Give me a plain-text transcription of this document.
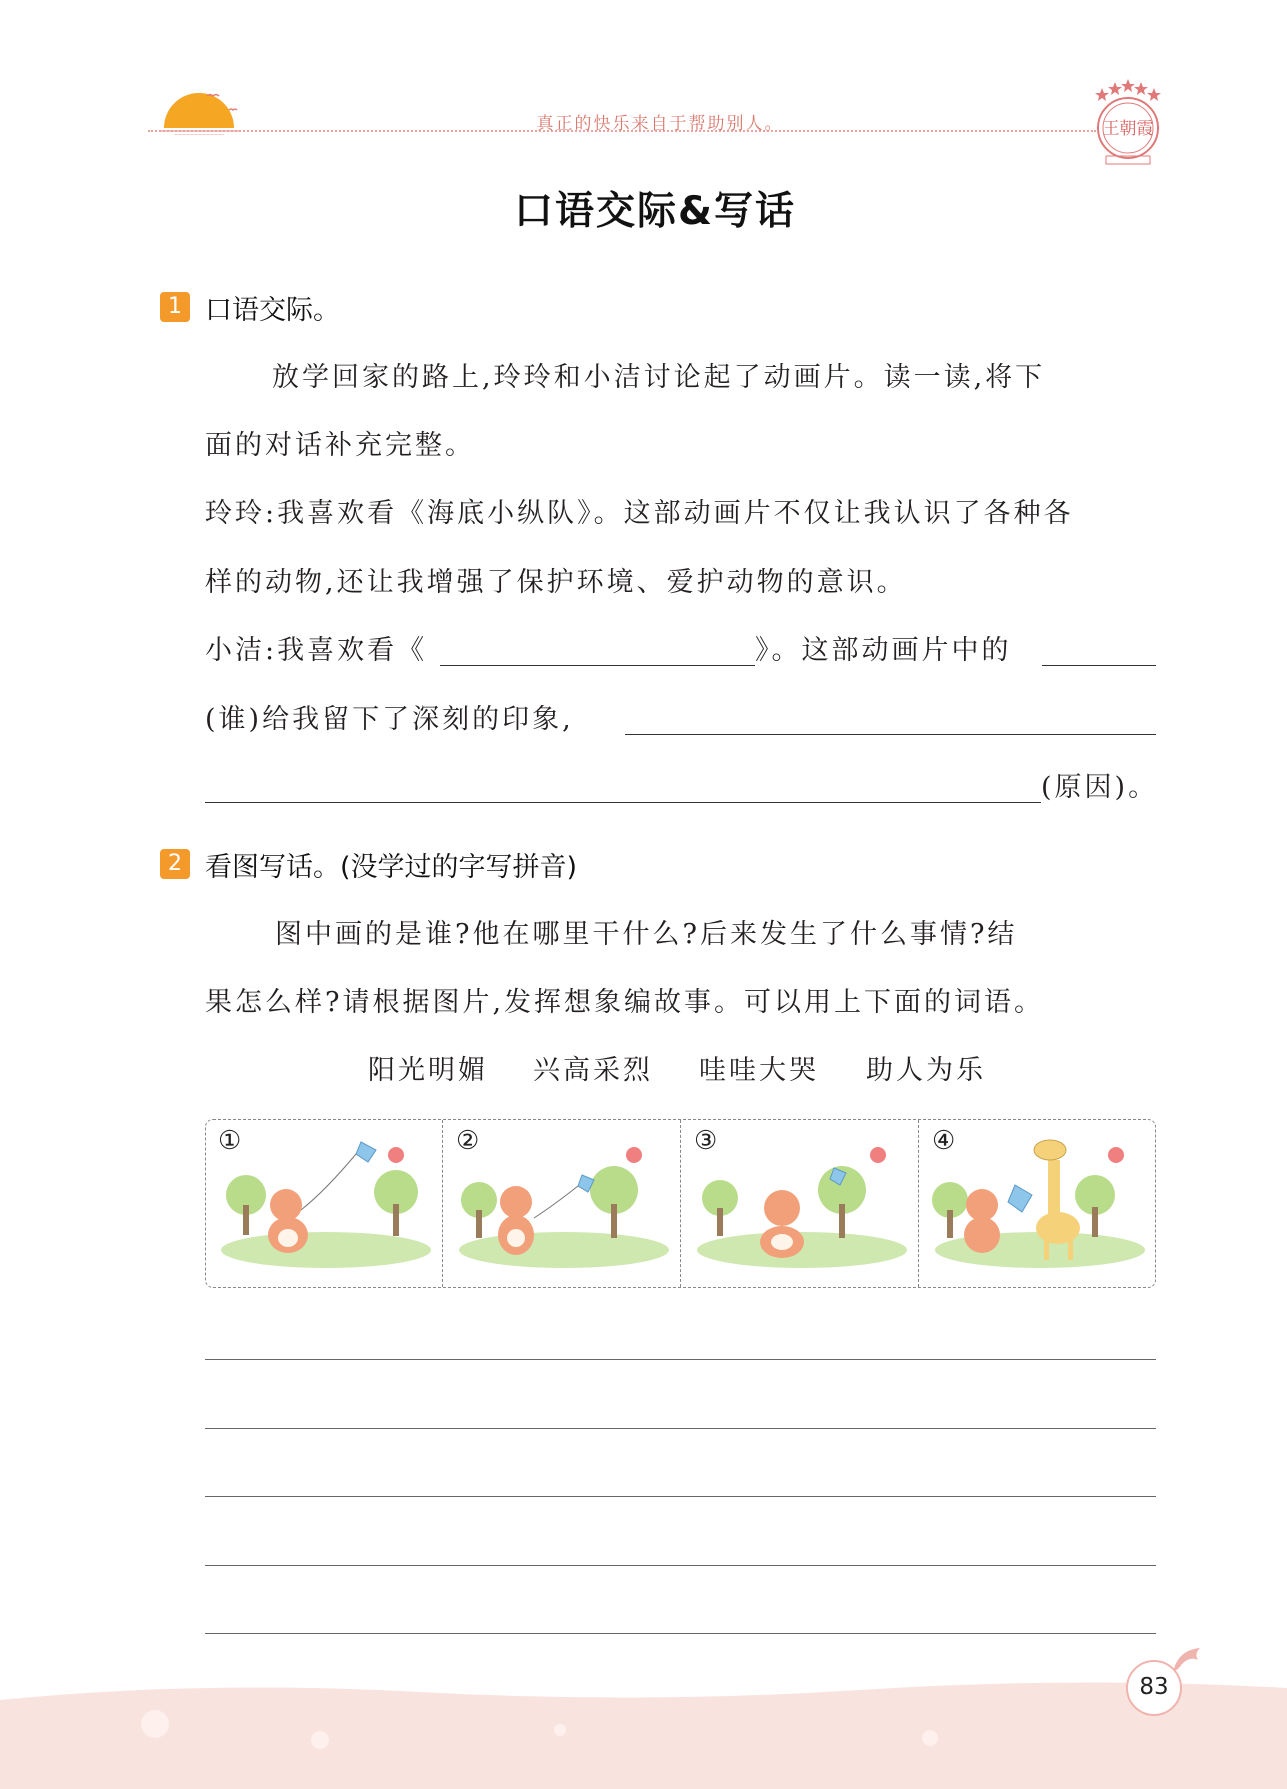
真正的快乐来自于帮助别人。	王朝霞
口语交际&写话
1 口语交际。
放学回家的路上,玲玲和小洁讨论起了动画片。读一读,将下
面的对话补充完整。
玲玲:我喜欢看《海底小纵队》。这部动画片不仅让我认识了各种各
样的动物,还让我增强了保护环境、爱护动物的意识。
小洁:我喜欢看《	》。这部动画片中的
(谁)给我留下了深刻的印象,
(原因)。
2 看图写话。(没学过的字写拼音)
图中画的是谁?他在哪里干什么?后来发生了什么事情?结
果怎么样?请根据图片,发挥想象编故事。可以用上下面的词语。
阳光明媚 兴高采烈 哇哇大哭 助人为乐
①	②	③	④
83
